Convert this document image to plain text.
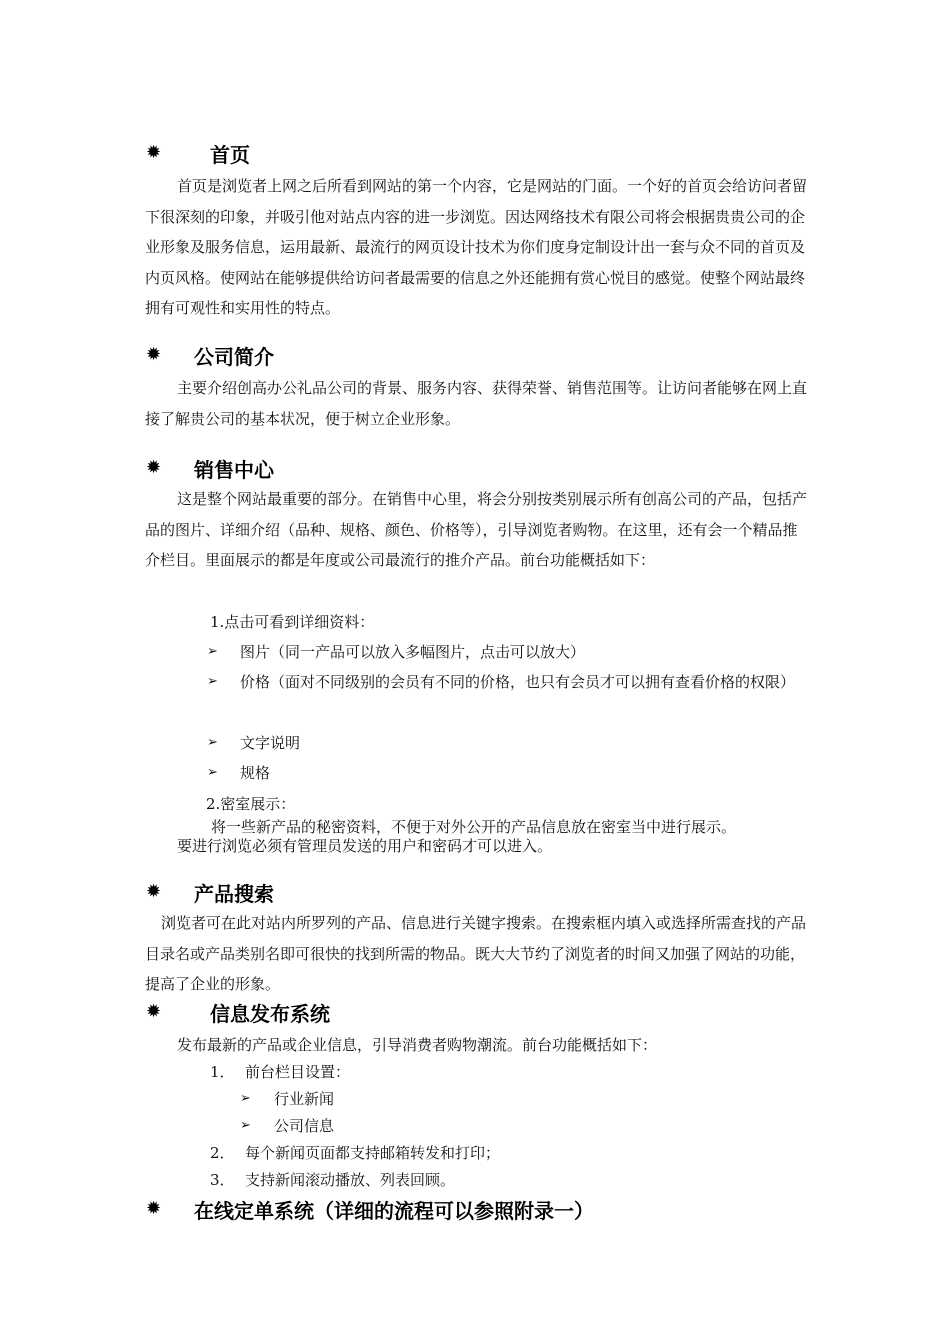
✹ 首页

首页是浏览者上网之后所看到网站的第一个内容，它是网站的门面。一个好的首页会给访问者留下很深刻的印象，并吸引他对站点内容的进一步浏览。因达网络技术有限公司将会根据贵贵公司的企业形象及服务信息，运用最新、最流行的网页设计技术为你们度身定制设计出一套与众不同的首页及内页风格。使网站在能够提供给访问者最需要的信息之外还能拥有赏心悦目的感觉。使整个网站最终拥有可观性和实用性的特点。

✹ 公司简介

主要介绍创高办公礼品公司的背景、服务内容、获得荣誉、销售范围等。让访问者能够在网上直接了解贵公司的基本状况，便于树立企业形象。

✹ 销售中心

这是整个网站最重要的部分。在销售中心里，将会分别按类别展示所有创高公司的产品，包括产品的图片、详细介绍（品种、规格、颜色、价格等），引导浏览者购物。在这里，还有会一个精品推介栏目。里面展示的都是年度或公司最流行的推介产品。前台功能概括如下：

1.点击可看到详细资料：
➢ 图片（同一产品可以放入多幅图片，点击可以放大）
➢ 价格（面对不同级别的会员有不同的价格，也只有会员才可以拥有查看价格的权限）
➢ 文字说明
➢ 规格
2.密室展示：
将一些新产品的秘密资料，不便于对外公开的产品信息放在密室当中进行展示。
要进行浏览必须有管理员发送的用户和密码才可以进入。
✹ 产品搜索

浏览者可在此对站内所罗列的产品、信息进行关键字搜索。在搜索框内填入或选择所需查找的产品目录名或产品类别名即可很快的找到所需的物品。既大大节约了浏览者的时间又加强了网站的功能，提高了企业的形象。

✹ 信息发布系统
发布最新的产品或企业信息，引导消费者购物潮流。前台功能概括如下：
1． 前台栏目设置：
➢ 行业新闻
➢ 公司信息
2． 每个新闻页面都支持邮箱转发和打印；
3． 支持新闻滚动播放、列表回顾。
✹ 在线定单系统（详细的流程可以参照附录一）
